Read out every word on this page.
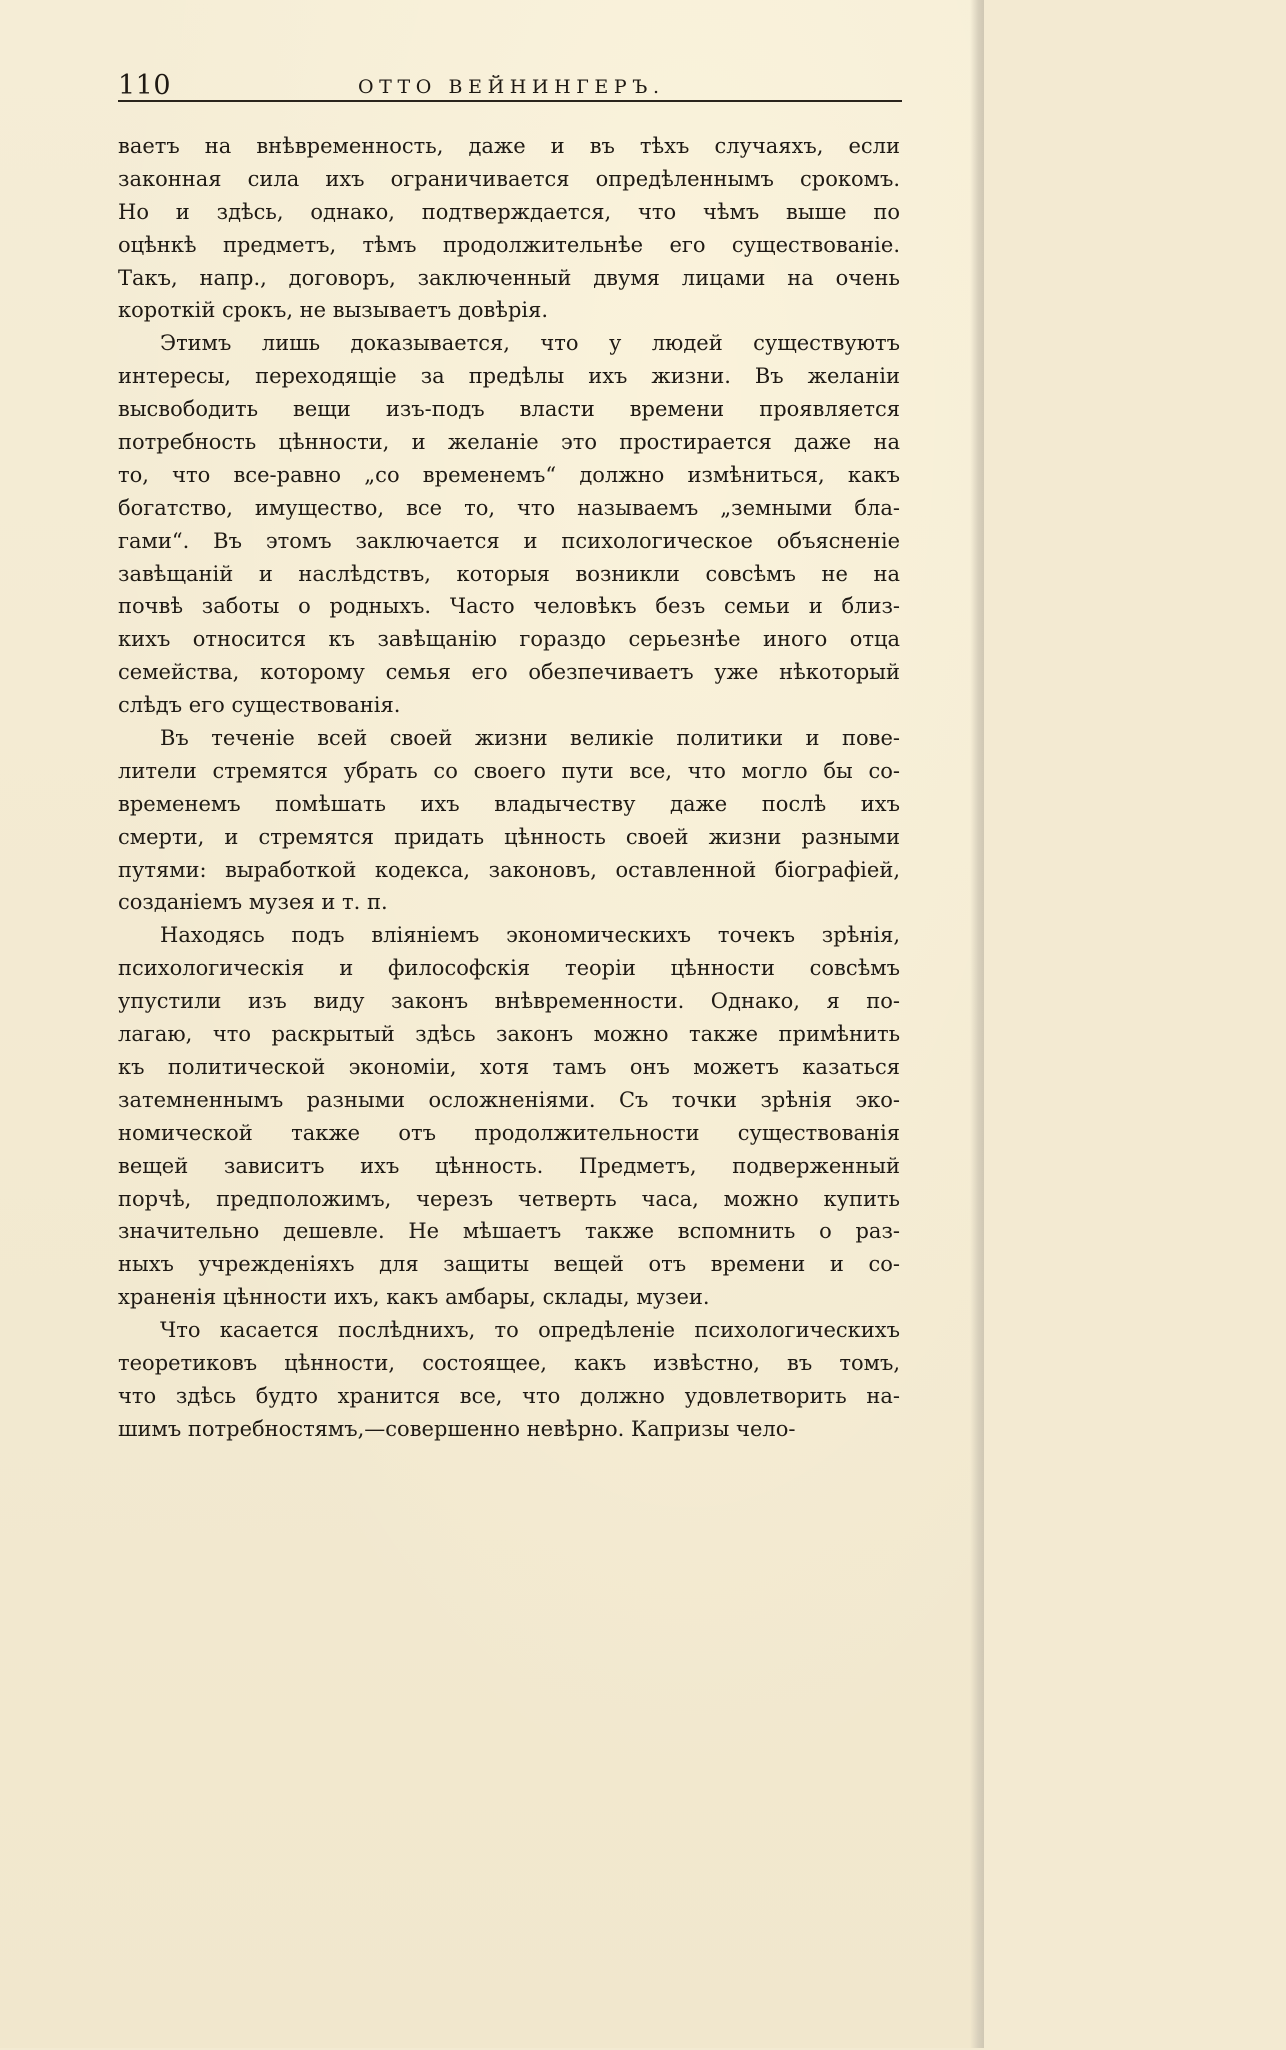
110	ОТТО ВЕЙНИНГЕРЪ.
ваетъ на внѣвременность, даже и въ тѣхъ случаяхъ, если
законная сила ихъ ограничивается опредѣленнымъ срокомъ.
Но и здѣсь, однако, подтверждается, что чѣмъ выше по
оцѣнкѣ предметъ, тѣмъ продолжительнѣе его существованіе.
Такъ, напр., договоръ, заключенный двумя лицами на очень
короткій срокъ, не вызываетъ довѣрія.
Этимъ лишь доказывается, что у людей существуютъ
интересы, переходящіе за предѣлы ихъ жизни. Въ желаніи
высвободить вещи изъ-подъ власти времени проявляется
потребность цѣнности, и желаніе это простирается даже на
то, что все-равно „со временемъ“ должно измѣниться, какъ
богатство, имущество, все то, что называемъ „земными бла-
гами“. Въ этомъ заключается и психологическое объясненіе
завѣщаній и наслѣдствъ, которыя возникли совсѣмъ не на
почвѣ заботы о родныхъ. Часто человѣкъ безъ семьи и близ-
кихъ относится къ завѣщанію гораздо серьезнѣе иного отца
семейства, которому семья его обезпечиваетъ уже нѣкоторый
слѣдъ его существованія.
Въ теченіе всей своей жизни великіе политики и пове-
лители стремятся убрать со своего пути все, что могло бы со-
временемъ помѣшать ихъ владычеству даже послѣ ихъ
смерти, и стремятся придать цѣнность своей жизни разными
путями: выработкой кодекса, законовъ, оставленной біографіей,
созданіемъ музея и т. п.
Находясь подъ вліяніемъ экономическихъ точекъ зрѣнія,
психологическія и философскія теоріи цѣнности совсѣмъ
упустили изъ виду законъ внѣвременности. Однако, я по-
лагаю, что раскрытый здѣсь законъ можно также примѣнить
къ политической экономіи, хотя тамъ онъ можетъ казаться
затемненнымъ разными осложненіями. Съ точки зрѣнія эко-
номической также отъ продолжительности существованія
вещей зависитъ ихъ цѣнность. Предметъ, подверженный
порчѣ, предположимъ, черезъ четверть часа, можно купить
значительно дешевле. Не мѣшаетъ также вспомнить о раз-
ныхъ учрежденіяхъ для защиты вещей отъ времени и со-
храненія цѣнности ихъ, какъ амбары, склады, музеи.
Что касается послѣднихъ, то опредѣленіе психологическихъ
теоретиковъ цѣнности, состоящее, какъ извѣстно, въ томъ,
что здѣсь будто хранится все, что должно удовлетворить на-
шимъ потребностямъ,—совершенно невѣрно. Капризы чело-
